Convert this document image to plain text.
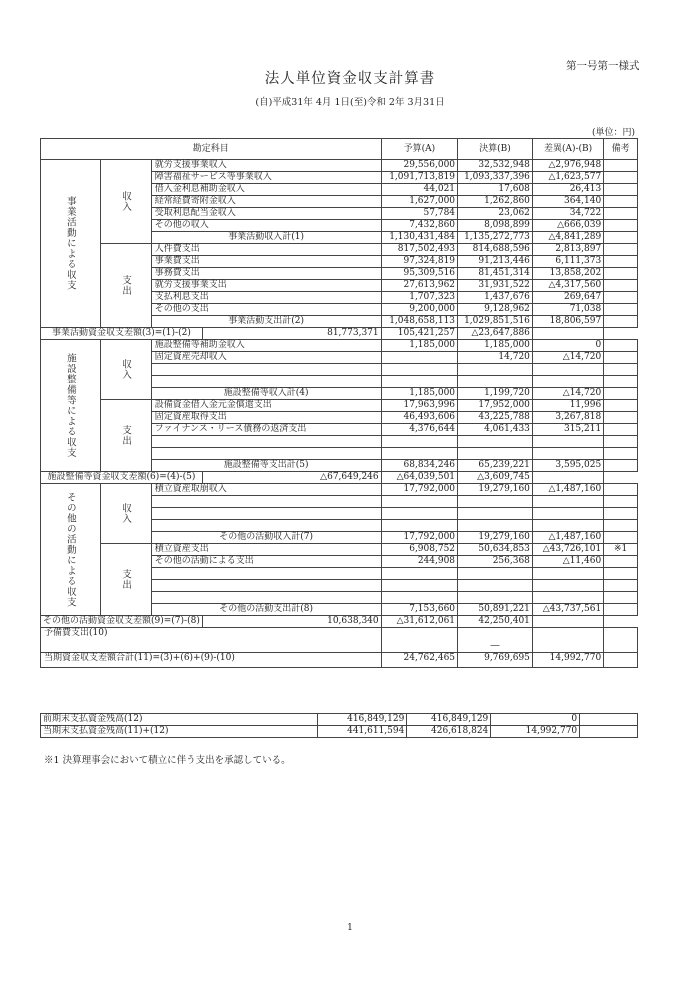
第一号第一様式
法人単位資金収支計算書
(自)平成31年 4月 1日(至)令和 2年 3月31日
(単位：円)
勘定科目				予算(A)	決算(B)	差異(A)-(B)	備考
事業活動による収支	収入	就労支援事業収入		29,556,000	32,532,948	△2,976,948	
		障害福祉サービス等事業収入		1,091,713,819	1,093,337,396	△1,623,577	
		借入金利息補助金収入		44,021	17,608	26,413	
		経常経費寄附金収入		1,627,000	1,262,860	364,140	
		受取利息配当金収入		57,784	23,062	34,722	
		その他の収入		7,432,860	8,098,899	△666,039	
		事業活動収入計(1)		1,130,431,484	1,135,272,773	△4,841,289	
	支出	人件費支出		817,502,493	814,688,596	2,813,897	
		事業費支出		97,324,819	91,213,446	6,111,373	
		事務費支出		95,309,516	81,451,314	13,858,202	
		就労支援事業支出		27,613,962	31,931,522	△4,317,560	
		支払利息支出		1,707,323	1,437,676	269,647	
		その他の支出		9,200,000	9,128,962	71,038	
		事業活動支出計(2)		1,048,658,113	1,029,851,516	18,806,597	
事業活動資金収支差額(3)=(1)-(2)			81,773,371	105,421,257	△23,647,886		
施設整備等による収支	収入	施設整備等補助金収入		1,185,000	1,185,000	0	
		固定資産売却収入			14,720	△14,720	

		施設整備等収入計(4)		1,185,000	1,199,720	△14,720	
	支出	設備資金借入金元金償還支出		17,963,996	17,952,000	11,996	
		固定資産取得支出		46,493,606	43,225,788	3,267,818	
		ファイナンス・リース債務の返済支出		4,376,644	4,061,433	315,211	

		施設整備等支出計(5)		68,834,246	65,239,221	3,595,025	
施設整備等資金収支差額(6)=(4)-(5)			△67,649,246	△64,039,501	△3,609,745		
その他の活動による収支	収入	積立資産取崩収入		17,792,000	19,279,160	△1,487,160	

		その他の活動収入計(7)		17,792,000	19,279,160	△1,487,160	
	支出	積立資産支出		6,908,752	50,634,853	△43,726,101	※1
		その他の活動による支出		244,908	256,368	△11,460	

		その他の活動支出計(8)		7,153,660	50,891,221	△43,737,561	
その他の活動資金収支差額(9)=(7)-(8)			10,638,340	△31,612,061	42,250,401		
予備費支出(10)					―		
当期資金収支差額合計(11)=(3)+(6)+(9)-(10)				24,762,465	9,769,695	14,992,770	
前期末支払資金残高(12)	416,849,129	416,849,129	0	
当期末支払資金残高(11)+(12)	441,611,594	426,618,824	14,992,770	
※1 決算理事会において積立に伴う支出を承認している。
1
